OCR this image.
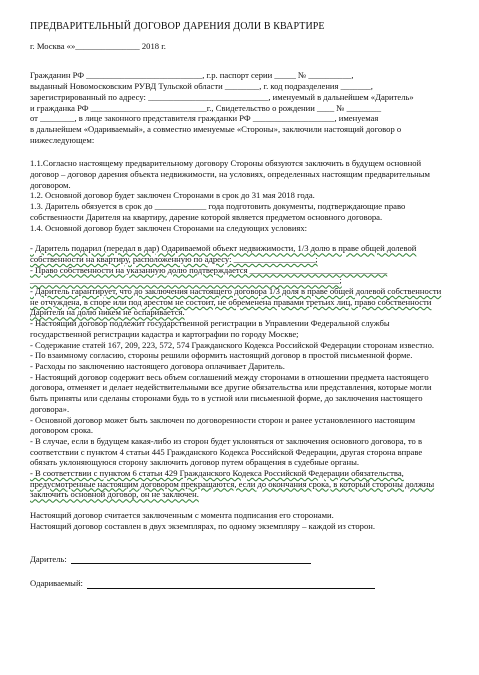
ПРЕДВАРИТЕЛЬНЫЙ ДОГОВОР ДАРЕНИЯ ДОЛИ В КВАРТИРЕ
г. Москва «»_______________ 2018 г.

Гражданин РФ ___________________________, г.р. паспорт серии _____ № __________,

выданный Новомосковским РУВД Тульской области ________, г. код подразделения _______,

зарегистрированный по адресу: ____________________________, именуемый в дальнейшем «Даритель»

и гражданка РФ ___________________________г., Свидетельство о рождении ____ № ________

от ________, в лице законного представителя гражданки РФ ___________________, именуемая

в дальнейшем «Одариваемый», а совместно именуемые «Стороны», заключили настоящий договор о

нижеследующем:

1.1.Согласно настоящему предварительному договору Стороны обязуются заключить в будущем основной договор – договор дарения объекта недвижимости, на условиях, определенных настоящим предварительным договором.

1.2. Основной договор будет заключен Сторонами в срок до 31 мая 2018 года.

1.3. Даритель обязуется в срок до ____________ года подготовить документы, подтверждающие право собственности Дарителя на квартиру, дарение которой является предметом основного договора.

1.4. Основной договор будет заключен Сторонами на следующих условиях:

- Даритель подарил (передал в дар) Одариваемой объект недвижимости, 1/3 долю в праве общей долевой собственности на квартиру, расположенную по адресу: ___________________;

- Право собственности на указанную долю подтверждается ________________________________

________________________________________________________________________;

- Даритель гарантирует, что до заключения настоящего договора 1/3 доля в праве общей долевой собственности не отчуждена, в споре или под арестом не состоит, не обременена правами третьих лиц, право собственности Дарителя на долю никем не оспаривается.

- Настоящий договор подлежит государственной регистрации в Управлении Федеральной службы государственной регистрации кадастра и картографии по городу Москве;

- Содержание статей 167, 209, 223, 572, 574 Гражданского Кодекса Российской Федерации сторонам известно.

- По взаимному согласию, стороны решили оформить настоящий договор в простой письменной форме.

- Расходы по заключению настоящего договора оплачивает Даритель.

- Настоящий договор содержит весь объем соглашений между сторонами в отношении предмета настоящего договора, отменяет и делает недействительными все другие обязательства или представления, которые могли быть приняты или сделаны сторонами будь то в устной или письменной форме, до заключения настоящего договора».

- Основной договор может быть заключен по договоренности сторон и ранее установленного настоящим договором срока.

- В случае, если в будущем какая-либо из сторон будет уклоняться от заключения основного договора, то в соответствии с пунктом 4 статьи 445 Гражданского Кодекса Российской Федерации, другая сторона вправе обязать уклоняющуюся сторону заключить договор путем обращения в судебные органы.

- В соответствии с пунктом 6 статьи 429 Гражданского Кодекса Российской Федерации обязательства, предусмотренные настоящим договором прекращаются, если до окончания срока, в который стороны должны заключить основной договор, он не заключен.

Настоящий договор считается заключенным с момента подписания его сторонами.

Настоящий договор составлен в двух экземплярах, по одному экземпляру – каждой из сторон.

Даритель:
Одариваемый:
